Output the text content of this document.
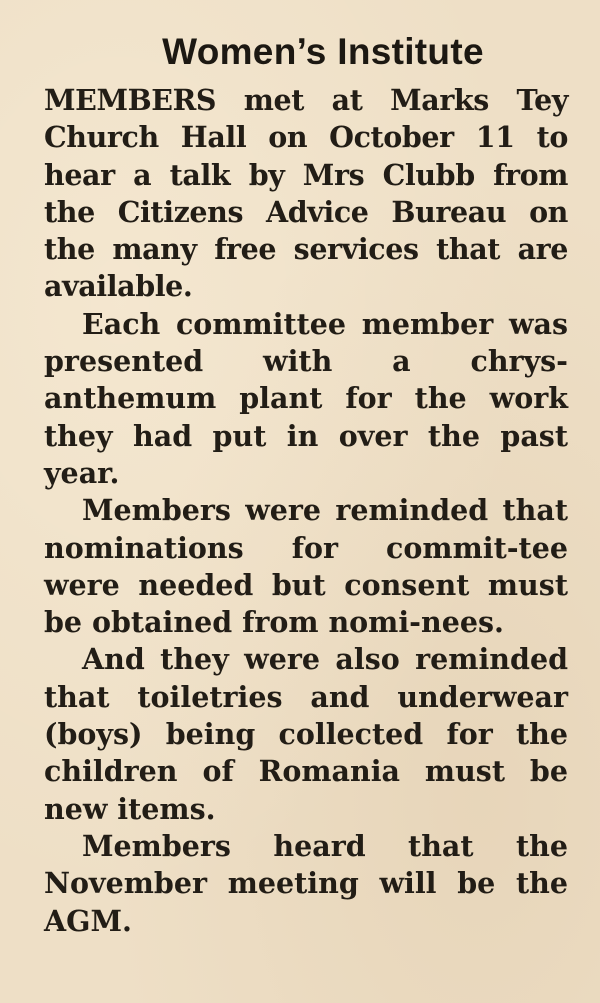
Women’s Institute

MEMBERS met at Marks Tey Church Hall on October 11 to hear a talk by Mrs Clubb from the Citizens Advice Bureau on the many free services that are available.

Each committee member was presented with a chrys-anthemum plant for the work they had put in over the past year.

Members were reminded that nominations for commit-tee were needed but consent must be obtained from nomi-nees.

And they were also reminded that toiletries and underwear (boys) being collected for the children of Romania must be new items.

Members heard that the November meeting will be the AGM.
